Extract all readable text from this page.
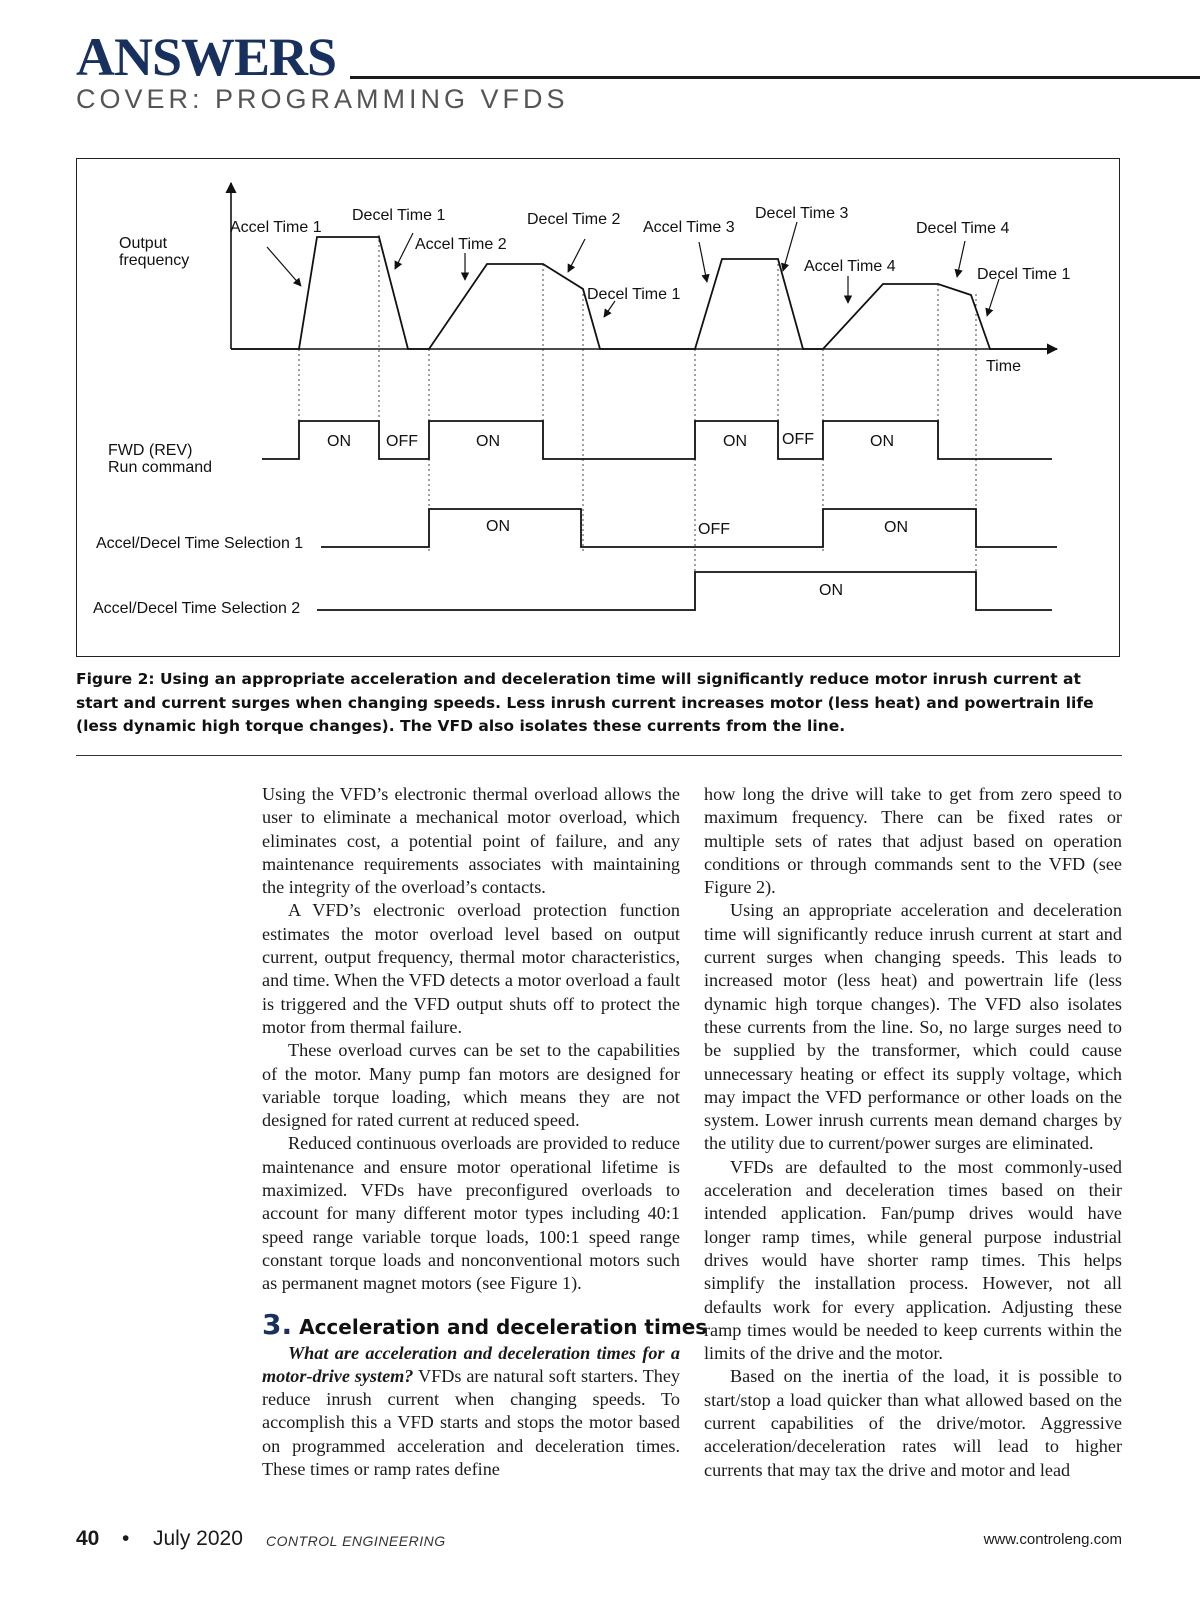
ANSWERS
COVER: PROGRAMMING VFDS
Output
frequency
Time
FWD (REV)
Run command
Accel/Decel Time Selection 1
Accel/Decel Time Selection 2
Accel Time 1
Decel Time 1
Accel Time 2
Decel Time 2
Decel Time 1
Accel Time 3
Decel Time 3
Accel Time 4
Decel Time 4
Decel Time 1
ON OFF	ON	ON OFF	ON
ON	OFF	ON
ON
Figure 2: Using an appropriate acceleration and deceleration time will significantly reduce motor inrush current at start and current surges when changing speeds. Less inrush current increases motor (less heat) and powertrain life (less dynamic high torque changes). The VFD also isolates these currents from the line.

Using the VFD’s electronic thermal overload allows the user to eliminate a mechanical motor overload, which eliminates cost, a potential point of failure, and any maintenance requirements associates with maintaining the integrity of the overload’s contacts.

A VFD’s electronic overload protection function estimates the motor overload level based on output current, output frequency, thermal motor characteristics, and time. When the VFD detects a motor overload a fault is triggered and the VFD output shuts off to protect the motor from thermal failure.

These overload curves can be set to the capabilities of the motor. Many pump fan motors are designed for variable torque loading, which means they are not designed for rated current at reduced speed.

Reduced continuous overloads are provided to reduce maintenance and ensure motor operational lifetime is maximized. VFDs have preconfigured overloads to account for many different motor types including 40:1 speed range variable torque loads, 100:1 speed range constant torque loads and nonconventional motors such as permanent magnet motors (see Figure 1).

3. Acceleration and deceleration times

What are acceleration and deceleration times for a motor-drive system? VFDs are natural soft starters. They reduce inrush current when changing speeds. To accomplish this a VFD starts and stops the motor based on programmed acceleration and deceleration times. These times or ramp rates define

how long the drive will take to get from zero speed to maximum frequency. There can be fixed rates or multiple sets of rates that adjust based on operation conditions or through commands sent to the VFD (see Figure 2).

Using an appropriate acceleration and deceleration time will significantly reduce inrush current at start and current surges when changing speeds. This leads to increased motor (less heat) and powertrain life (less dynamic high torque changes). The VFD also isolates these currents from the line. So, no large surges need to be supplied by the transformer, which could cause unnecessary heating or effect its supply voltage, which may impact the VFD performance or other loads on the system. Lower inrush currents mean demand charges by the utility due to current/power surges are eliminated.

VFDs are defaulted to the most commonly-used acceleration and deceleration times based on their intended application. Fan/pump drives would have longer ramp times, while general purpose industrial drives would have shorter ramp times. This helps simplify the installation process. However, not all defaults work for every application. Adjusting these ramp times would be needed to keep currents within the limits of the drive and the motor.

Based on the inertia of the load, it is possible to start/stop a load quicker than what allowed based on the current capabilities of the drive/motor. Aggressive acceleration/deceleration rates will lead to higher currents that may tax the drive and motor and lead

40 • July 2020 CONTROL ENGINEERING	www.controleng.com
